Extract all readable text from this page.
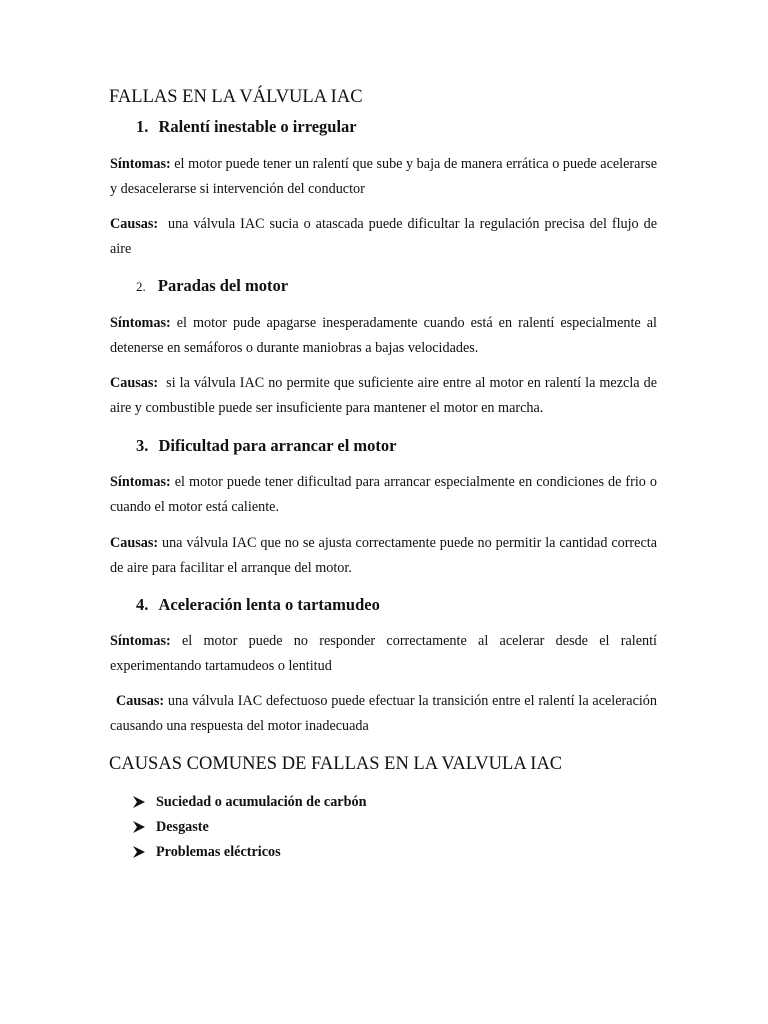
FALLAS EN LA VÁLVULA IAC
1. Ralentí inestable o irregular
Síntomas: el motor puede tener un ralentí que sube y baja de manera errática o puede acelerarse y desacelerarse si intervención del conductor
Causas:  una válvula IAC sucia o atascada puede dificultar la regulación precisa del flujo de aire
2. Paradas del motor
Síntomas: el motor pude apagarse inesperadamente cuando está en ralentí especialmente al detenerse en semáforos o durante maniobras a bajas velocidades.
Causas:  si la válvula IAC no permite que suficiente aire entre al motor en ralentí la mezcla de aire y combustible puede ser insuficiente para mantener el motor en marcha.
3. Dificultad para arrancar el motor
Síntomas: el motor puede tener dificultad para arrancar especialmente en condiciones de frio o cuando el motor está caliente.
Causas: una válvula IAC que no se ajusta correctamente puede no permitir la cantidad correcta de aire para facilitar el arranque del motor.
4. Aceleración lenta o tartamudeo
Síntomas: el motor puede no responder correctamente al acelerar desde el ralentí experimentando tartamudeos o lentitud
Causas: una válvula IAC defectuoso puede efectuar la transición entre el ralentí la aceleración causando una respuesta del motor inadecuada
CAUSAS COMUNES DE FALLAS EN LA VALVULA IAC
Suciedad o acumulación de carbón
Desgaste
Problemas eléctricos
